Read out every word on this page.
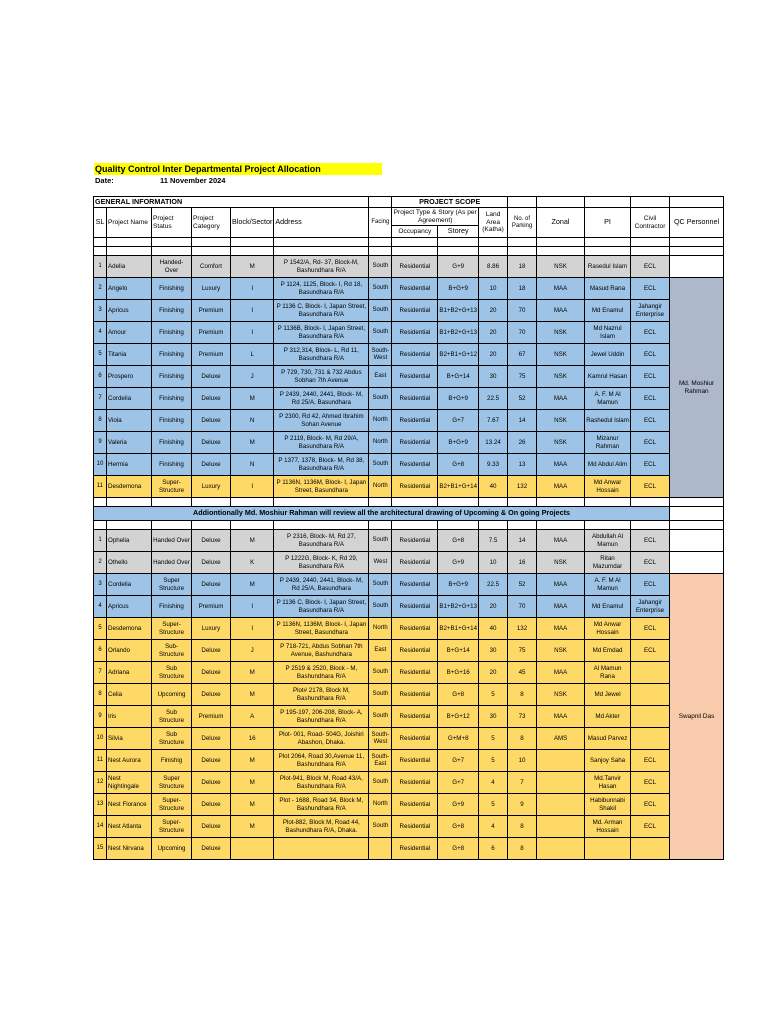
Quality Control Inter Departmental Project Allocation
Date:	11 November 2024
GENERAL INFORMATION							PROJECT SCOPE							
SL	Project Name	Project Status	Project Category	Block/Sector	Address	Facing	Project Type & Story (As per Agreement)		Land Area (Katha)	No. of Parking	Zonal	PI	Civil Contractor	QC Personnel
							Occupancy	Storey						

1	Adelia	Handed-Over	Comfort	M	P 1542/A, Rd- 37, Block-M, Bashundhara R/A	South	Residential	G+9	8.86	18	NSK	Rasedul Islam	ECL	
2	Angelo	Finishing	Luxury	I	P 1124, 1125, Block- I, Rd 18, Basundhara R/A	South	Residential	B+G+9	10	18	MAA	Masud Rana	ECL	Md. Moshiur Rahman
3	Apricus	Finishing	Premium	I	P 1136 C, Block- I, Japan Street, Basundhara R/A	South	Residential	B1+B2+G+13	20	70	MAA	Md Enamul	Jahangir Enterprise	
4	Amour	Finishing	Premium	I	P 1136B, Block- I, Japan Street, Basundhara R/A	South	Residential	B1+B2+G+13	20	70	NSK	Md Nazrul Islam	ECL	
5	Titania	Finishing	Premium	L	P 312,314, Block- L, Rd 11, Basundhara R/A	South-West	Residential	B2+B1+G+12	20	67	NSK	Jewel Uddin	ECL	
6	Prospero	Finishing	Deluxe	J	P 729, 730, 731 & 732 Abdus Sobhan 7th Avenue	East	Residential	B+G+14	30	75	NSK	Kamrul Hasan	ECL	
7	Cordelia	Finishing	Deluxe	M	P 2439, 2440, 2441, Block- M, Rd 25/A, Basundhara	South	Residential	B+G+9	22.5	52	MAA	A. F. M Al Mamun	ECL	
8	Viola	Finishing	Deluxe	N	P 2300, Rd 42, Ahmed Ibrahim Sohan Avenue	North	Residential	G+7	7.67	14	NSK	Rashedul Islam	ECL	
9	Valeria	Finishing	Deluxe	M	P 2119, Block- M, Rd 29/A, Basundhara R/A	North	Residential	B+G+9	13.24	26	NSK	Mizanur Rahman	ECL	
10	Hermia	Finishing	Deluxe	N	P 1377, 1378, Block- M, Rd 38, Basundhara R/A	South	Residential	G+8	9.33	13	MAA	Md Abdul Alim	ECL	
11	Desdemona	Super-Structure	Luxury	I	P 1136N, 1136M, Block- I, Japan Street, Basundhara	North	Residential	B2+B1+G+14	40	132	MAA	Md Anwar Hossain	ECL	

Addiontionally Md. Moshiur Rahman will review all the architectural drawing of Upcoming & On going Projects														

1	Ophelia	Handed Over	Deluxe	M	P 2316, Block- M, Rd 27, Basundhara R/A	South	Residential	G+8	7.5	14	MAA	Abdullah Al Mamun	ECL	
2	Othello	Handed Over	Deluxe	K	P 1222G, Block- K, Rd 29, Basundhara R/A	West	Residential	G+9	10	16	NSK	Ritan Mazumdar	ECL	
3	Cordelia	Super Structure	Deluxe	M	P 2439, 2440, 2441, Block- M, Rd 25/A, Basundhara	South	Residential	B+G+9	22.5	52	MAA	A. F. M Al Mamun	ECL	Swapnil Das
4	Apricus	Finishing	Premium	I	P 1136 C, Block- I, Japan Street, Basundhara R/A	South	Residential	B1+B2+G+13	20	70	MAA	Md Enamul	Jahangir Enterprise	
5	Desdemona	Super-Structure	Luxury	I	P 1136N, 1136M, Block- I, Japan Street, Basundhara	North	Residential	B2+B1+G+14	40	132	MAA	Md Anwar Hossain	ECL	
6	Orlando	Sub-Structure	Deluxe	J	P 718-721, Abdus Sobhan 7th Avenue, Bashundhara	East	Residential	B+G+14	30	75	NSK	Md Emdad	ECL	
7	Adriana	Sub Structure	Deluxe	M	P 2519 & 2520, Block - M, Bashundhara R/A	South	Residential	B+G+16	20	45	MAA	Al Mamun Rana		
8	Celia	Upcoming	Deluxe	M	Plot# 2178, Block M, Bashundhara R/A	South	Residential	G+8	5	8	NSK	Md Jewel		
9	Iris	Sub Structure	Premium	A	P 195-197, 206-208, Block- A, Bashundhara R/A	South	Residential	B+G+12	30	73	MAA	Md Akter		
10	Silvia	Sub Structure	Deluxe	16	Plot- 001, Road- 504G, Joishiri Abashon, Dhaka.	South-West	Residential	G+M+8	5	8	AMS	Masud Parvez		
11	Nest Aurora	Finishig	Deluxe	M	Plot 2064, Road 30,Avenue 11, Bashundhara R/A	South-East	Residential	G+7	5	10		Sanjoy Saha	ECL	
12	Nest Nightingale	Super Structure	Deluxe	M	Plot-941, Block M, Road 43/A, Bashundhara R/A	South	Residential	G+7	4	7		Md.Tanvir Hasan	ECL	
13	Nest Florance	Super-Structure	Deluxe	M	Plot - 1688, Road 34, Block M, Bashundhara R/A	North	Residential	G+9	5	9		Habibunnabi Shakil	ECL	
14	Nest Atlanta	Super-Structure	Deluxe	M	Plot-882, Block M, Road 44, Bashundhara R/A, Dhaka.	South	Residential	G+8	4	8		Md. Arman Hossain	ECL	
15	Nest Nirvana	Upcoming	Deluxe				Residential	G+8	6	8				
